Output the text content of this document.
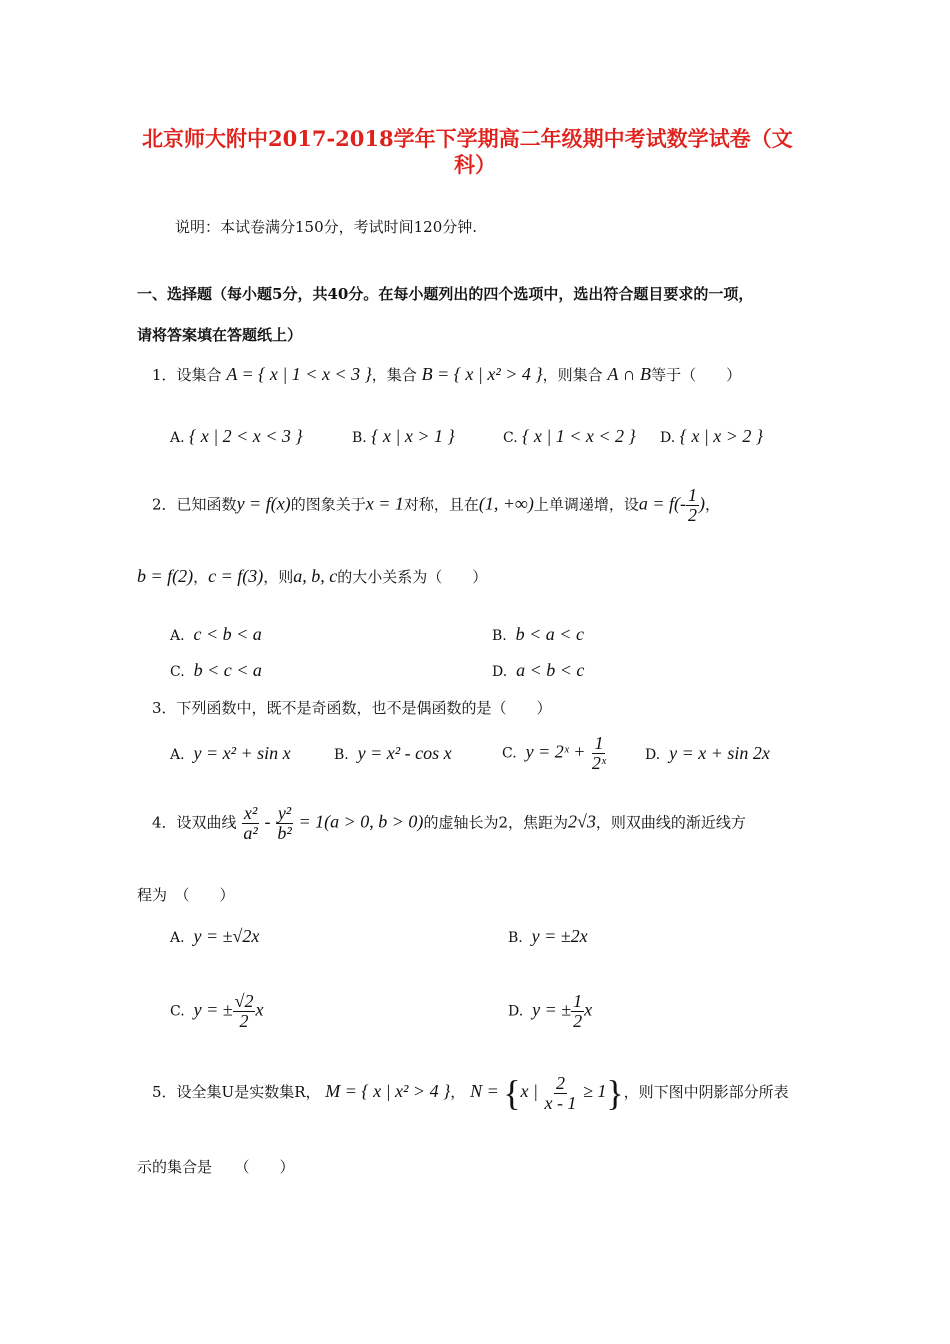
北京师大附中2017-2018学年下学期高二年级期中考试数学试卷（文
科）
说明：本试卷满分150分，考试时间120分钟.
一、选择题（每小题5分，共40分。在每小题列出的四个选项中，选出符合题目要求的一项，
请将答案填在答题纸上）
1．设集合 A = { x | 1 < x < 3 }，集合 B = { x | x² > 4 }，则集合 A ∩ B等于（　　）
A. { x | 2 < x < 3 }	B. { x | x > 1 }	C. { x | 1 < x < 2 } D. { x | x > 2 }
2．已知函数y = f(x)的图象关于x = 1对称，且在(1, +∞)上单调递增，设$a = f(- \frac{1}{2}$ )，
b = f(2)，c = f(3)，则a, b, c的大小关系为（　　）
A. c < b < a	B. b < a < c
C. b < c < a	D. a < b < c
3．下列函数中，既不是奇函数，也不是偶函数的是（　　）
A. y = x² + sin x	B. y = x² - cos x	C. y = 2ˣ + $\frac{1}{\text{2ˣ}}$	D. y = x + sin 2x
4．设双曲线 $\frac{\text{x²}}{\text{a²}} - \frac{\text{y²}}{\text{b²}} = 1(a > 0$, b > 0)的虚轴长为2，焦距为2√3，则双曲线的渐近线方
程为　（　　）
A. y = ±√2x	B. y = ±2x
C. y = ± $\frac{√2}{2}$ x	D. y = ± $\frac{1}{2}$ x
5．设全集U是实数集R， M = { x | x² > 4 }， N = {x | $\frac{2}{x - 1} \ge 1$}，则下图中阴影部分所表
示的集合是　　（　　）
